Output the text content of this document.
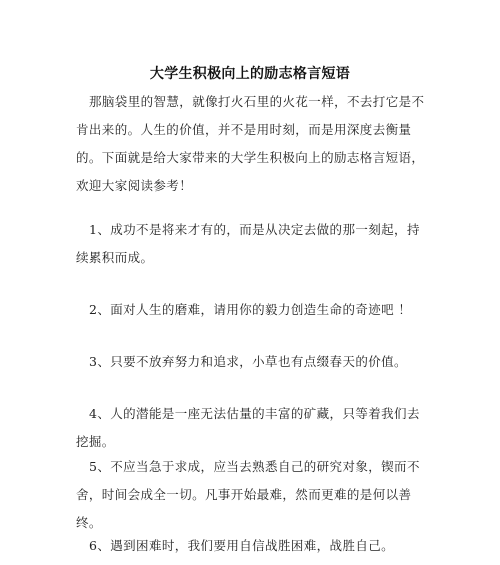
大学生积极向上的励志格言短语

那脑袋里的智慧，就像打火石里的火花一样，不去打它是不肯出来的。人生的价值，并不是用时刻，而是用深度去衡量的。下面就是给大家带来的大学生积极向上的励志格言短语，欢迎大家阅读参考！

1、成功不是将来才有的，而是从决定去做的那一刻起，持续累积而成。

2、面对人生的磨难，请用你的毅力创造生命的奇迹吧 ！

3、只要不放弃努力和追求，小草也有点缀春天的价值。

4、人的潜能是一座无法估量的丰富的矿藏，只等着我们去挖掘。

5、不应当急于求成，应当去熟悉自己的研究对象，锲而不舍，时间会成全一切。凡事开始最难，然而更难的是何以善终。

6、遇到困难时，我们要用自信战胜困难，战胜自己。
